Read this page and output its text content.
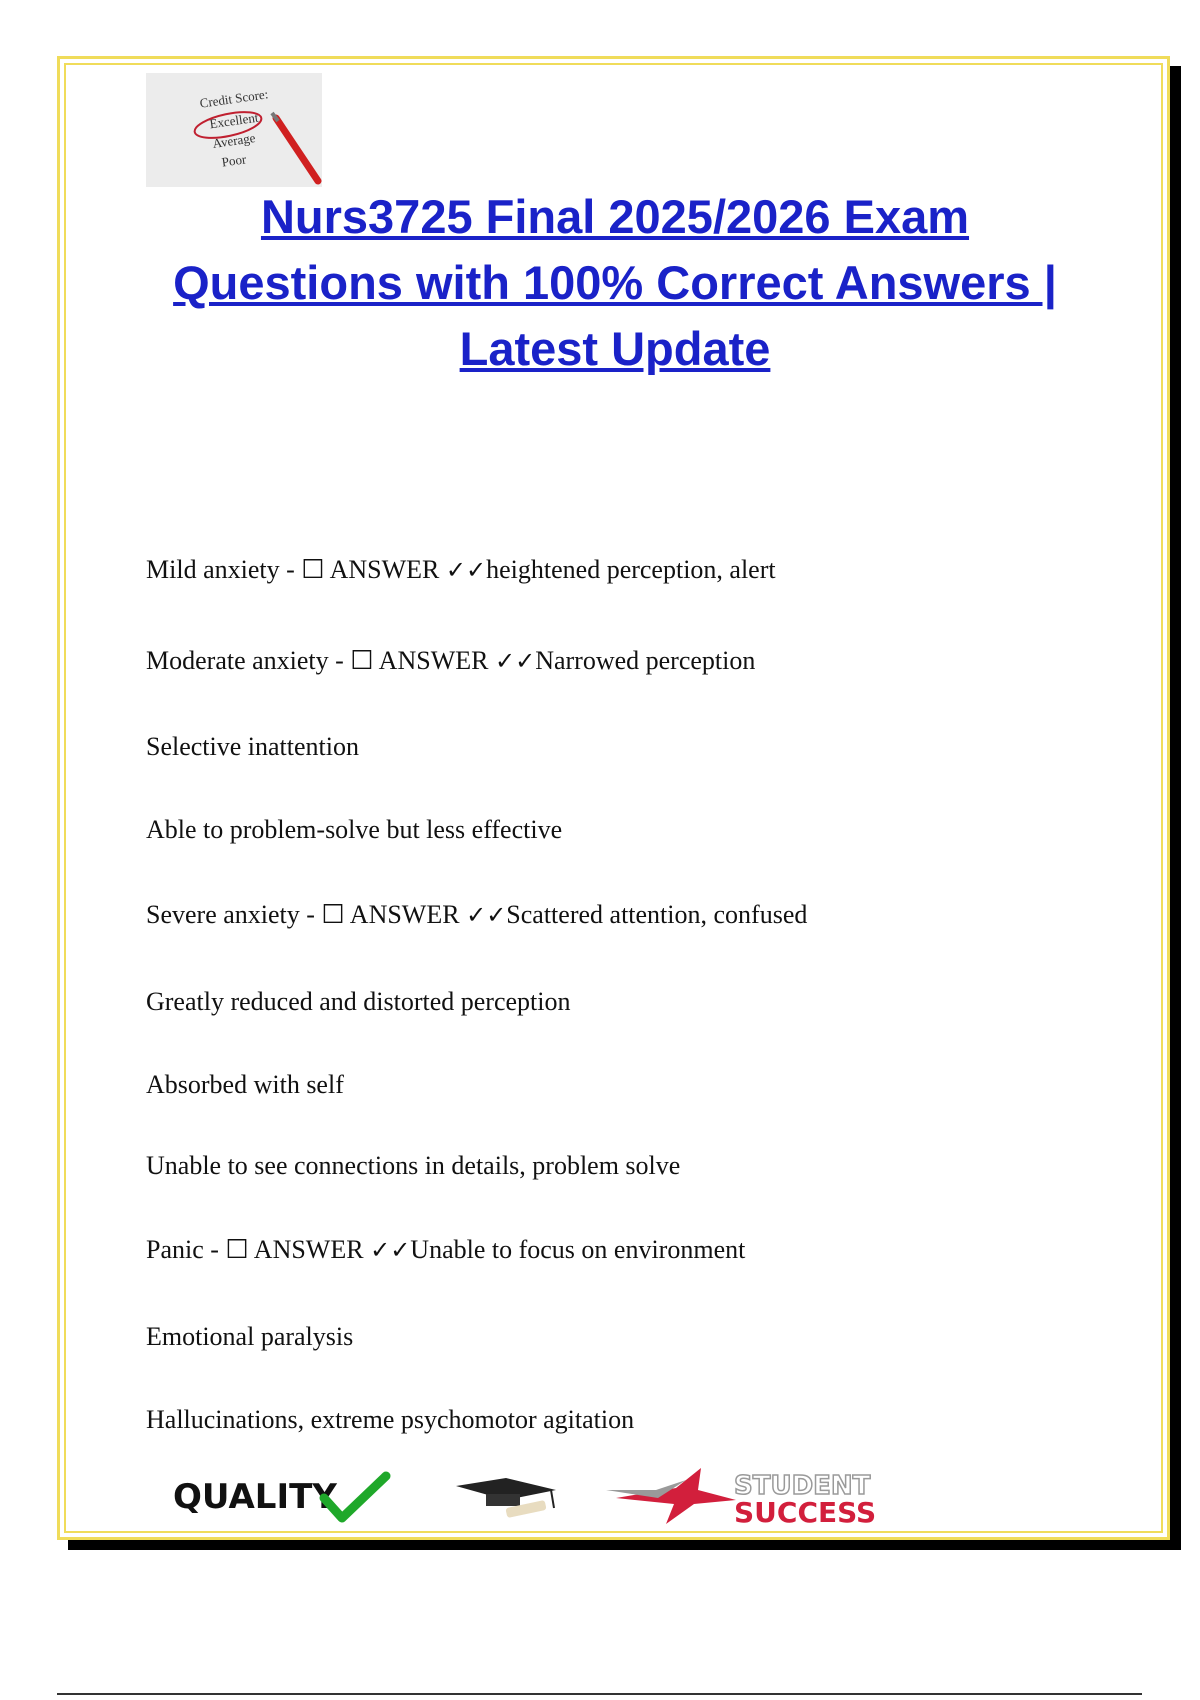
Credit Score:
Excellent
Average
Poor
Nurs3725 Final 2025/2026 Exam Questions with 100% Correct Answers | Latest Update
Mild anxiety - ☐ ANSWER ✓✓heightened perception, alert
Moderate anxiety - ☐ ANSWER ✓✓Narrowed perception
Selective inattention
Able to problem-solve but less effective
Severe anxiety - ☐ ANSWER ✓✓Scattered attention, confused
Greatly reduced and distorted perception
Absorbed with self
Unable to see connections in details, problem solve
Panic - ☐ ANSWER ✓✓Unable to focus on environment
Emotional paralysis
Hallucinations, extreme psychomotor agitation
QUALITY	STUDENT
SUCCESS
